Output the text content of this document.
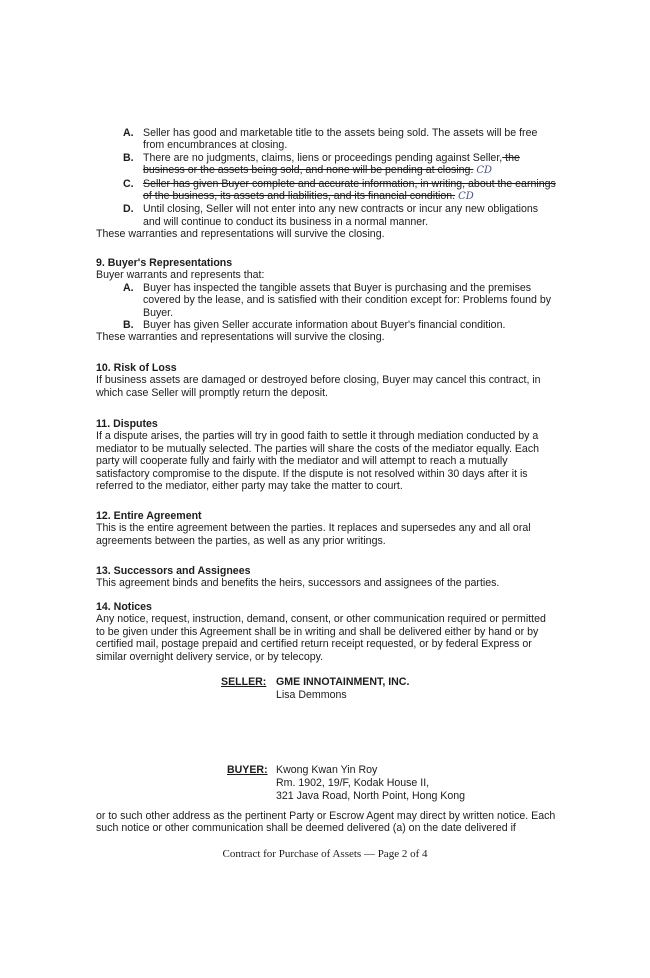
A. Seller has good and marketable title to the assets being sold. The assets will be free from encumbrances at closing.
B. There are no judgments, claims, liens or proceedings pending against Seller, the business or the assets being sold, and none will be pending at closing. CD
C. Seller has given Buyer complete and accurate information, in writing, about the earnings of the business, its assets and liabilities, and its financial condition. CD
D. Until closing, Seller will not enter into any new contracts or incur any new obligations and will continue to conduct its business in a normal manner.
These warranties and representations will survive the closing.
9. Buyer's Representations
Buyer warrants and represents that:
A. Buyer has inspected the tangible assets that Buyer is purchasing and the premises covered by the lease, and is satisfied with their condition except for: Problems found by Buyer.
B. Buyer has given Seller accurate information about Buyer's financial condition.
These warranties and representations will survive the closing.
10. Risk of Loss
If business assets are damaged or destroyed before closing, Buyer may cancel this contract, in which case Seller will promptly return the deposit.
11. Disputes
If a dispute arises, the parties will try in good faith to settle it through mediation conducted by a mediator to be mutually selected. The parties will share the costs of the mediator equally. Each party will cooperate fully and fairly with the mediator and will attempt to reach a mutually satisfactory compromise to the dispute. If the dispute is not resolved within 30 days after it is referred to the mediator, either party may take the matter to court.
12. Entire Agreement
This is the entire agreement between the parties. It replaces and supersedes any and all oral agreements between the parties, as well as any prior writings.
13. Successors and Assignees
This agreement binds and benefits the heirs, successors and assignees of the parties.
14. Notices
Any notice, request, instruction, demand, consent, or other communication required or permitted to be given under this Agreement shall be in writing and shall be delivered either by hand or by certified mail, postage prepaid and certified return receipt requested, or by federal Express or similar overnight delivery service, or by telecopy.
SELLER: GME INNOTAINMENT, INC.
Lisa Demmons
BUYER: Kwong Kwan Yin Roy
Rm. 1902, 19/F, Kodak House II,
321 Java Road, North Point, Hong Kong
or to such other address as the pertinent Party or Escrow Agent may direct by written notice. Each such notice or other communication shall be deemed delivered (a) on the date delivered if
Contract for Purchase of Assets — Page 2 of 4
